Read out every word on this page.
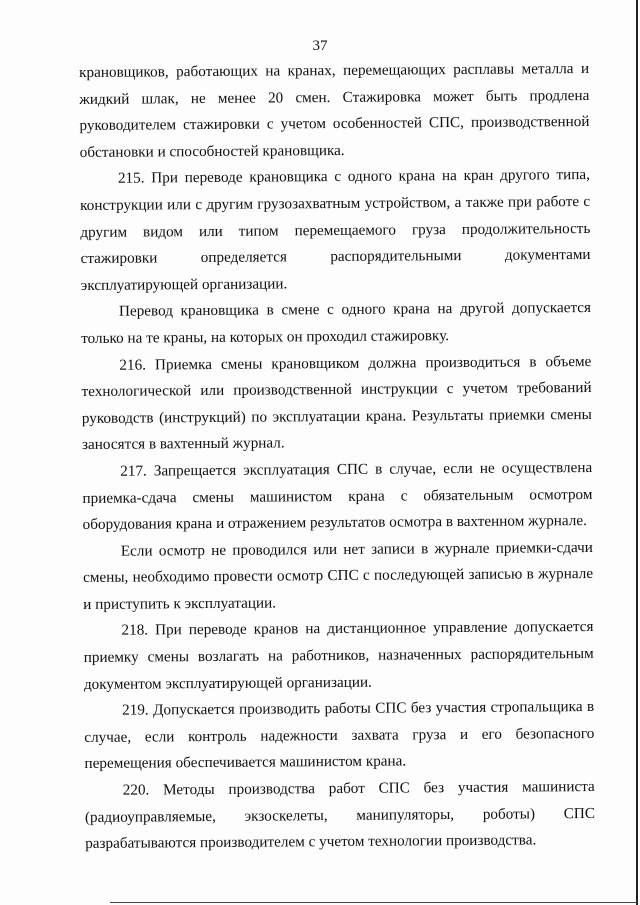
37

крановщиков, работающих на кранах, перемещающих расплавы металла и жидкий шлак, не менее 20 смен. Стажировка может быть продлена руководителем стажировки с учетом особенностей СПС, производственной обстановки и способностей крановщика.

215. При переводе крановщика с одного крана на кран другого типа, конструкции или с другим грузозахватным устройством, а также при работе с другим видом или типом перемещаемого груза продолжительность стажировки определяется распорядительными документами эксплуатирующей организации.

Перевод крановщика в смене с одного крана на другой допускается только на те краны, на которых он проходил стажировку.

216. Приемка смены крановщиком должна производиться в объеме технологической или производственной инструкции с учетом требований руководств (инструкций) по эксплуатации крана. Результаты приемки смены заносятся в вахтенный журнал.

217. Запрещается эксплуатация СПС в случае, если не осуществлена приемка-сдача смены машинистом крана с обязательным осмотром оборудования крана и отражением результатов осмотра в вахтенном журнале.

Если осмотр не проводился или нет записи в журнале приемки-сдачи смены, необходимо провести осмотр СПС с последующей записью в журнале и приступить к эксплуатации.

218. При переводе кранов на дистанционное управление допускается приемку смены возлагать на работников, назначенных распорядительным документом эксплуатирующей организации.

219. Допускается производить работы СПС без участия стропальщика в случае, если контроль надежности захвата груза и его безопасного перемещения обеспечивается машинистом крана.

220. Методы производства работ СПС без участия машиниста (радиоуправляемые, экзоскелеты, манипуляторы, роботы) СПС разрабатываются производителем с учетом технологии производства.
